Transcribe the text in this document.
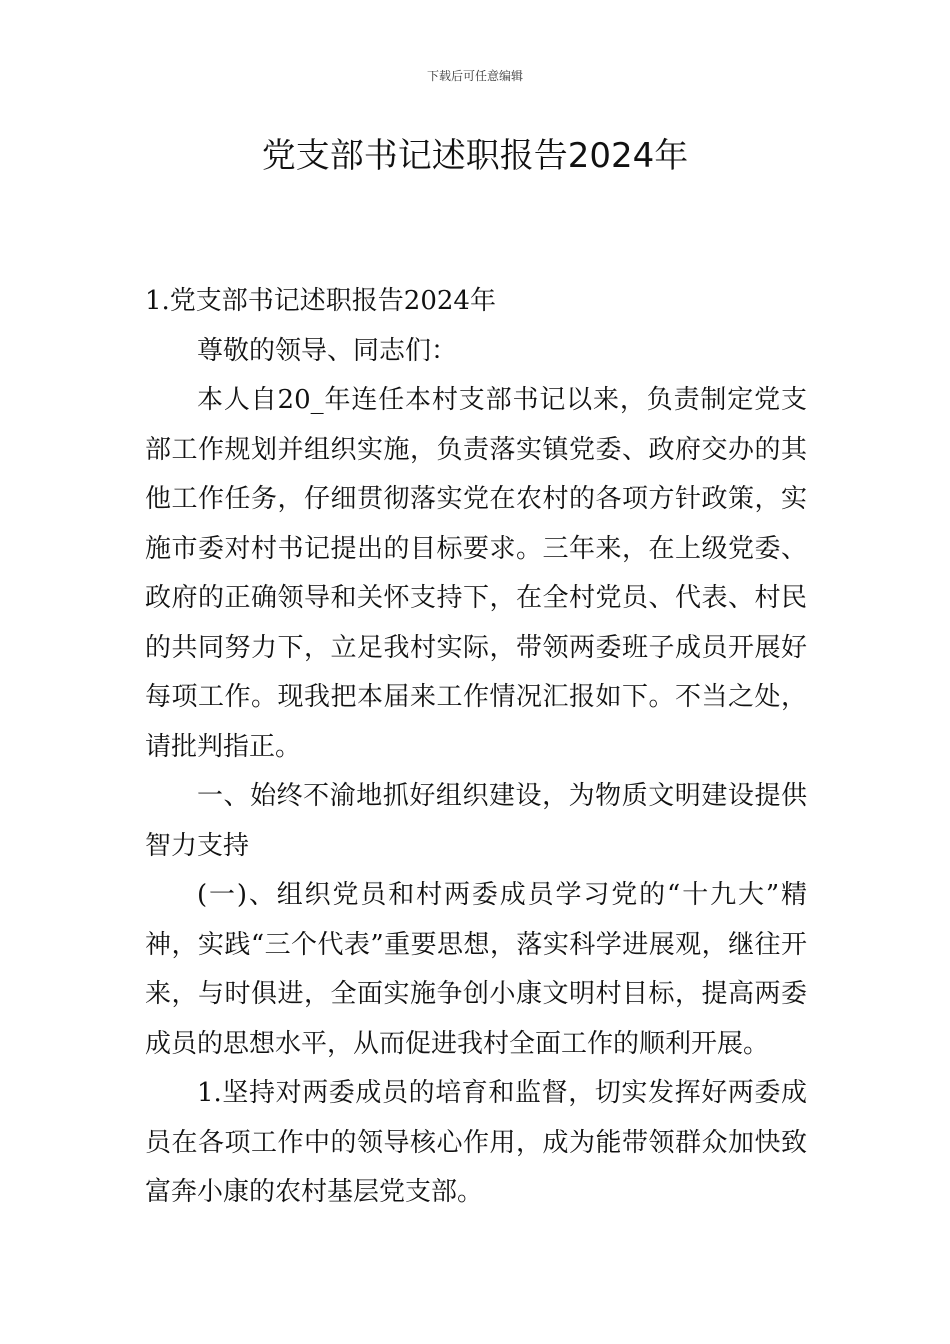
下载后可任意编辑
党支部书记述职报告2024年

1.党支部书记述职报告2024年

尊敬的领导、同志们：

本人自20_年连任本村支部书记以来，负责制定党支部工作规划并组织实施，负责落实镇党委、政府交办的其他工作任务，仔细贯彻落实党在农村的各项方针政策，实施市委对村书记提出的目标要求。三年来，在上级党委、政府的正确领导和关怀支持下，在全村党员、代表、村民的共同努力下，立足我村实际，带领两委班子成员开展好每项工作。现我把本届来工作情况汇报如下。不当之处，请批判指正。

一、始终不渝地抓好组织建设，为物质文明建设提供智力支持

(一)、组织党员和村两委成员学习党的“十九大”精神，实践“三个代表”重要思想，落实科学进展观，继往开来，与时俱进，全面实施争创小康文明村目标，提高两委成员的思想水平，从而促进我村全面工作的顺利开展。

1.坚持对两委成员的培育和监督，切实发挥好两委成员在各项工作中的领导核心作用，成为能带领群众加快致富奔小康的农村基层党支部。
